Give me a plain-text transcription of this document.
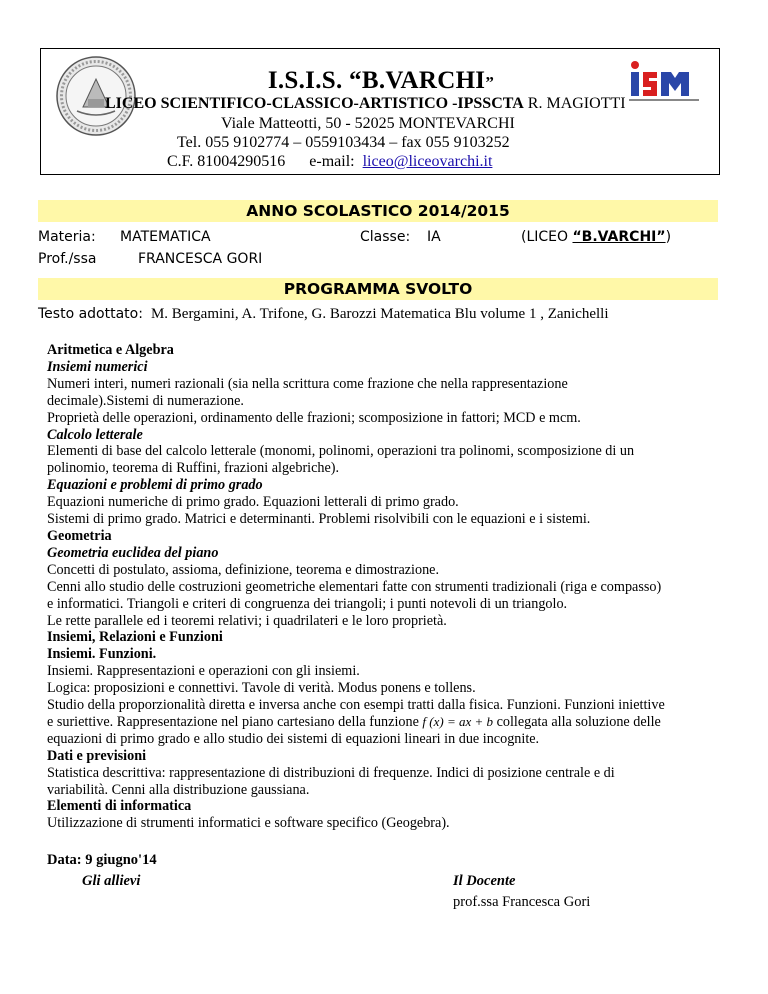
I.S.I.S. “B.VARCHI”
LICEO SCIENTIFICO-CLASSICO-ARTISTICO -IPSSCTA R. MAGIOTTI
Viale Matteotti, 50 - 52025 MONTEVARCHI
Tel. 055 9102774 – 0559103434 – fax 055 9103252
C.F. 81004290516 e-mail: liceo@liceovarchi.it
ANNO SCOLASTICO 2014/2015
Materia: MATEMATICA	Classe: IA	(LICEO “B.VARCHI”)
Prof./ssa	FRANCESCA GORI
PROGRAMMA SVOLTO
Testo adottato: M. Bergamini, A. Trifone, G. Barozzi Matematica Blu volume 1 , Zanichelli
Aritmetica e Algebra
Insiemi numerici
Numeri interi, numeri razionali (sia nella scrittura come frazione che nella rappresentazione
decimale).Sistemi di numerazione.
Proprietà delle operazioni, ordinamento delle frazioni; scomposizione in fattori; MCD e mcm.
Calcolo letterale
Elementi di base del calcolo letterale (monomi, polinomi, operazioni tra polinomi, scomposizione di un
polinomio, teorema di Ruffini, frazioni algebriche).
Equazioni e problemi di primo grado
Equazioni numeriche di primo grado. Equazioni letterali di primo grado.
Sistemi di primo grado. Matrici e determinanti. Problemi risolvibili con le equazioni e i sistemi.
Geometria
Geometria euclidea del piano
Concetti di postulato, assioma, definizione, teorema e dimostrazione.
Cenni allo studio delle costruzioni geometriche elementari fatte con strumenti tradizionali (riga e compasso)
e informatici. Triangoli e criteri di congruenza dei triangoli; i punti notevoli di un triangolo.
Le rette parallele ed i teoremi relativi; i quadrilateri e le loro proprietà.
Insiemi, Relazioni e Funzioni
Insiemi. Funzioni.
Insiemi. Rappresentazioni e operazioni con gli insiemi.
Logica: proposizioni e connettivi. Tavole di verità. Modus ponens e tollens.
Studio della proporzionalità diretta e inversa anche con esempi tratti dalla fisica. Funzioni. Funzioni iniettive
e suriettive. Rappresentazione nel piano cartesiano della funzione f (x) = ax + b collegata alla soluzione delle
equazioni di primo grado e allo studio dei sistemi di equazioni lineari in due incognite.
Dati e previsioni
Statistica descrittiva: rappresentazione di distribuzioni di frequenze. Indici di posizione centrale e di
variabilità. Cenni alla distribuzione gaussiana.
Elementi di informatica
Utilizzazione di strumenti informatici e software specifico (Geogebra).
Data: 9 giugno'14
Gli allievi	Il Docente
prof.ssa Francesca Gori
